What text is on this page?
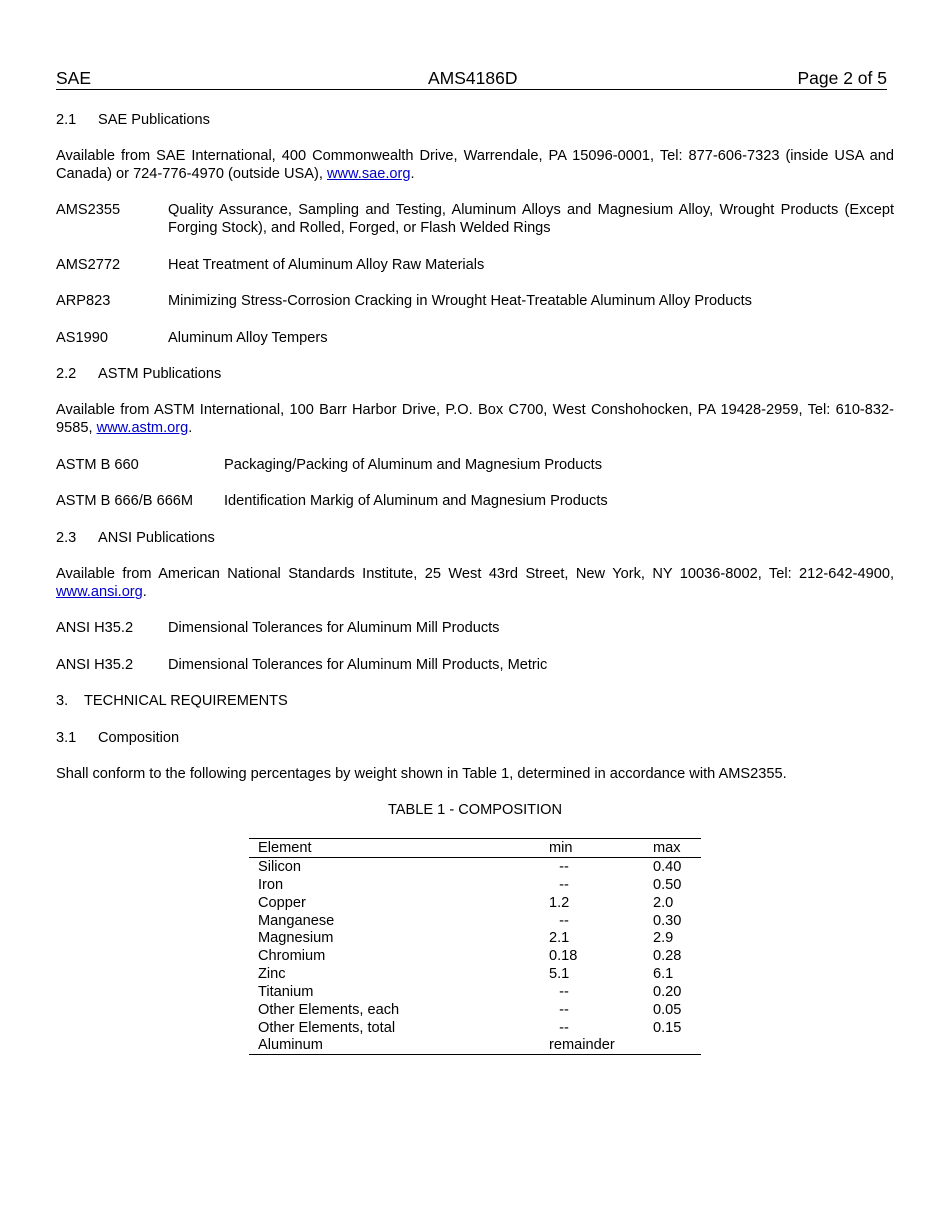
SAE	AMS4186D	Page 2 of 5
2.1 SAE Publications
Available from SAE International, 400 Commonwealth Drive, Warrendale, PA 15096-0001, Tel: 877-606-7323 (inside USA and Canada) or 724-776-4970 (outside USA), www.sae.org.
AMS2355	Quality Assurance, Sampling and Testing, Aluminum Alloys and Magnesium Alloy, Wrought Products (Except Forging Stock), and Rolled, Forged, or Flash Welded Rings
AMS2772	Heat Treatment of Aluminum Alloy Raw Materials
ARP823	Minimizing Stress-Corrosion Cracking in Wrought Heat-Treatable Aluminum Alloy Products
AS1990	Aluminum Alloy Tempers
2.2 ASTM Publications
Available from ASTM International, 100 Barr Harbor Drive, P.O. Box C700, West Conshohocken, PA 19428-2959, Tel: 610-832-9585, www.astm.org.
ASTM B 660	Packaging/Packing of Aluminum and Magnesium Products
ASTM B 666/B 666M Identification Markig of Aluminum and Magnesium Products
2.3 ANSI Publications
Available from American National Standards Institute, 25 West 43rd Street, New York, NY 10036-8002, Tel: 212-642-4900, www.ansi.org.
ANSI H35.2 Dimensional Tolerances for Aluminum Mill Products
ANSI H35.2 Dimensional Tolerances for Aluminum Mill Products, Metric
3. TECHNICAL REQUIREMENTS
3.1 Composition
Shall conform to the following percentages by weight shown in Table 1, determined in accordance with AMS2355.
TABLE 1 - COMPOSITION
Element	min	max
Silicon	--	0.40
Iron	--	0.50
Copper	1.2	2.0
Manganese	--	0.30
Magnesium	2.1	2.9
Chromium	0.18	0.28
Zinc	5.1	6.1
Titanium	--	0.20
Other Elements, each	--	0.05
Other Elements, total	--	0.15
Aluminum	remainder
